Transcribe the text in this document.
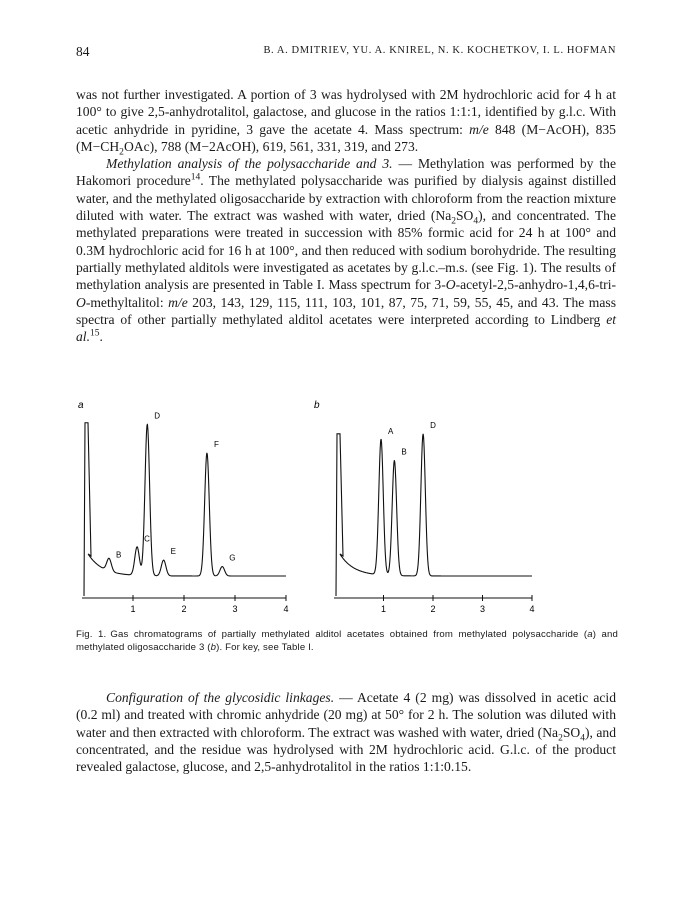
84	B. A. DMITRIEV, YU. A. KNIREL, N. K. KOCHETKOV, I. L. HOFMAN

was not further investigated. A portion of 3 was hydrolysed with 2M hydrochloric acid for 4 h at 100° to give 2,5-anhydrotalitol, galactose, and glucose in the ratios 1:1:1, identified by g.l.c. With acetic anhydride in pyridine, 3 gave the acetate 4. Mass spectrum: m/e 848 (M−AcOH), 835 $(M-CH_2OAc)$, 788 (M−2AcOH), 619, 561, 331, 319, and 273.

Methylation analysis of the polysaccharide and 3. — Methylation was performed by the Hakomori procedure$^{14}$. The methylated polysaccharide was purified by dialysis against distilled water, and the methylated oligosaccharide by extraction with chloroform from the reaction mixture diluted with water. The extract was washed with water, dried $(Na_2SO_4)$, and concentrated. The methylated preparations were treated in succession with 85% formic acid for 24 h at 100° and 0.3M hydrochloric acid for 16 h at 100°, and then reduced with sodium borohydride. The resulting partially methylated alditols were investigated as acetates by g.l.c.–m.s. (see Fig. 1). The results of methylation analysis are presented in Table I. Mass spectrum for 3-O-acetyl-2,5-anhydro-1,4,6-tri-O-methyltalitol: m/e 203, 143, 129, 115, 111, 103, 101, 87, 75, 71, 59, 55, 45, and 43. The mass spectra of other partially methylated alditol acetates were interpreted according to Lindberg et al.$^{15}$.

a	b
1	2	3	4
B
C
D
E
F
G
1	2	3	4
A
B
D
Fig. 1. Gas chromatograms of partially methylated alditol acetates obtained from methylated polysaccharide (a) and methylated oligosaccharide 3 (b). For key, see Table I.

Configuration of the glycosidic linkages. — Acetate 4 (2 mg) was dissolved in acetic acid (0.2 ml) and treated with chromic anhydride (20 mg) at 50° for 2 h. The solution was diluted with water and then extracted with chloroform. The extract was washed with water, dried $(Na_2SO_4)$, and concentrated, and the residue was hydrolysed with 2M hydrochloric acid. G.l.c. of the product revealed galactose, glucose, and 2,5-anhydrotalitol in the ratios 1:1:0.15.
